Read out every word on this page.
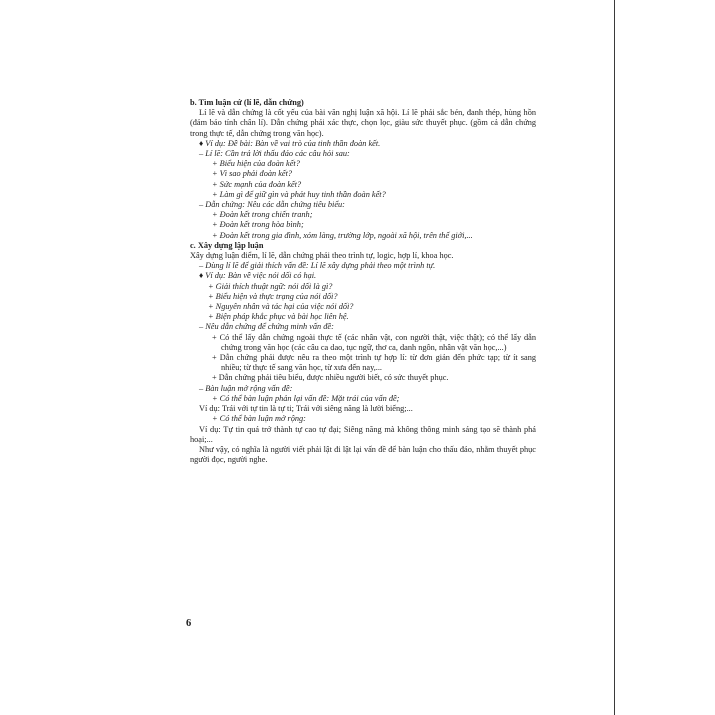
b. Tìm luận cứ (lí lẽ, dẫn chứng)
Lí lẽ và dẫn chứng là cốt yếu của bài văn nghị luận xã hội. Lí lẽ phải sắc bén, đanh thép, hùng hồn (đảm bảo tính chân lí). Dẫn chứng phải xác thực, chọn lọc, giàu sức thuyết phục. (gồm cả dẫn chứng trong thực tế, dẫn chứng trong văn học).
♦ Ví dụ: Đề bài: Bàn về vai trò của tinh thần đoàn kết.
– Lí lẽ: Cần trả lời thấu đáo các câu hỏi sau:
+ Biểu hiện của đoàn kết?
+ Vì sao phải đoàn kết?
+ Sức mạnh của đoàn kết?
+ Làm gì để giữ gìn và phát huy tinh thần đoàn kết?
– Dẫn chứng: Nêu các dẫn chứng tiêu biểu:
+ Đoàn kết trong chiến tranh;
+ Đoàn kết trong hòa bình;
+ Đoàn kết trong gia đình, xóm làng, trường lớp, ngoài xã hội, trên thế giới,...
c. Xây dựng lập luận
Xây dựng luận điểm, lí lẽ, dẫn chứng phải theo trình tự, logic, hợp lí, khoa học.
– Dùng lí lẽ để giải thích vấn đề: Lí lẽ xây dựng phải theo một trình tự.
♦ Ví dụ: Bàn về việc nói dối có hại.
+ Giải thích thuật ngữ: nói dối là gì?
+ Biểu hiện và thực trạng của nói dối?
+ Nguyên nhân và tác hại của việc nói dối?
+ Biện pháp khắc phục và bài học liên hệ.
– Nêu dẫn chứng để chứng minh vấn đề:
+ Có thể lấy dẫn chứng ngoài thực tế (các nhân vật, con người thật, việc thật); có thể lấy dẫn chứng trong văn học (các câu ca dao, tục ngữ, thơ ca, danh ngôn, nhân vật văn học,...)
+ Dẫn chứng phải được nêu ra theo một trình tự hợp lí: từ đơn giản đến phức tạp; từ ít sang nhiều; từ thực tế sang văn học, từ xưa đến nay,...
+ Dẫn chứng phải tiêu biểu, được nhiều người biết, có sức thuyết phục.
– Bàn luận mở rộng vấn đề:
+ Có thể bàn luận phản lại vấn đề: Mặt trái của vấn đề;
Ví dụ: Trái với tự tin là tự ti; Trái với siêng năng là lười biếng;...
+ Có thể bàn luận mở rộng:
Ví dụ: Tự tin quá trở thành tự cao tự đại; Siêng năng mà không thông minh sáng tạo sẽ thành phá hoại;...
Như vậy, có nghĩa là người viết phải lật đi lật lại vấn đề để bàn luận cho thấu đáo, nhằm thuyết phục người đọc, người nghe.
6
